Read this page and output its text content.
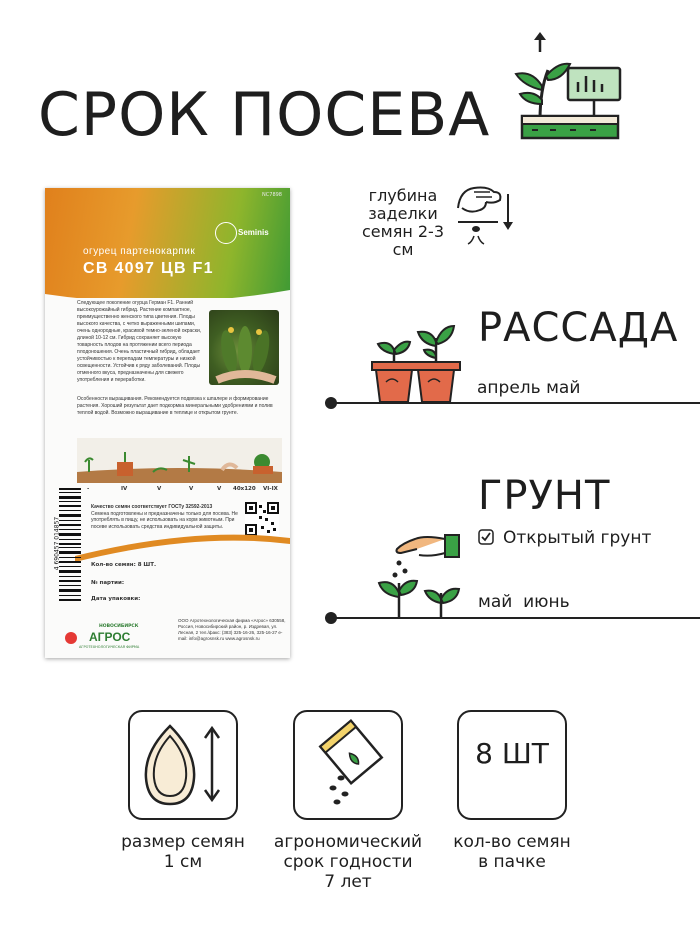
СРОК ПОСЕВА
NC7898
Seminis
огурец партенокарпик
СВ 4097 ЦВ F1
Следующее поколение огурца Герман F1. Ранний высокоурожайный гибрид. Растение компактное, преимущественно женского типа цветения. Плоды высокого качества, с четко выраженными шипами, очень однородные, красивой темно-зеленой окраски, длиной 10-12 см. Гибрид сохраняет высокую товарность плодов на протяжении всего периода плодоношения. Очень пластичный гибрид, обладает устойчивостью к перепадам температуры и низкой освещенности. Устойчив к ряду заболеваний. Плоды отменного вкуса, предназначены для свежего употребления и переработки.
Особенности выращивания. Рекомендуется подвязка к шпалере и формирование растения. Хороший результат дает подкормка минеральными удобрениями и полив теплой водой. Возможно выращивание в теплице и открытом грунте.
-	IV	V	V	V 40x120 VI-IX
Качество семян соответствует ГОСТу 32592-2013
Семена подготовлены и предназначены только для посева. Не употреблять в пищу, не использовать на корм животным. При посеве использовать средства индивидуальной защиты.
Кол-во семян: 8 ШТ.
№ партии:
Дата упаковки:
4 690457 014857
НОВОСИБИРСК
АГРОС
АГРОТЕХНОЛОГИЧЕСКАЯ ФИРМА
ООО Агротехнологическая фирма «Агрос» 630558, Россия, Новосибирский район, р. Издревая, ул. Лесная, 2 тел./факс: (383) 325-16-26, 325-16-27 e-mail: info@agrosnsk.ru www.agrosnsk.ru
глубина заделки семян 2-3 см
РАССАДА
апрель май
ГРУНТ
Открытый грунт
май  июнь
8 ШТ
размер семян
1 см
агрономический
срок годности
7 лет
кол-во семян
в пачке
